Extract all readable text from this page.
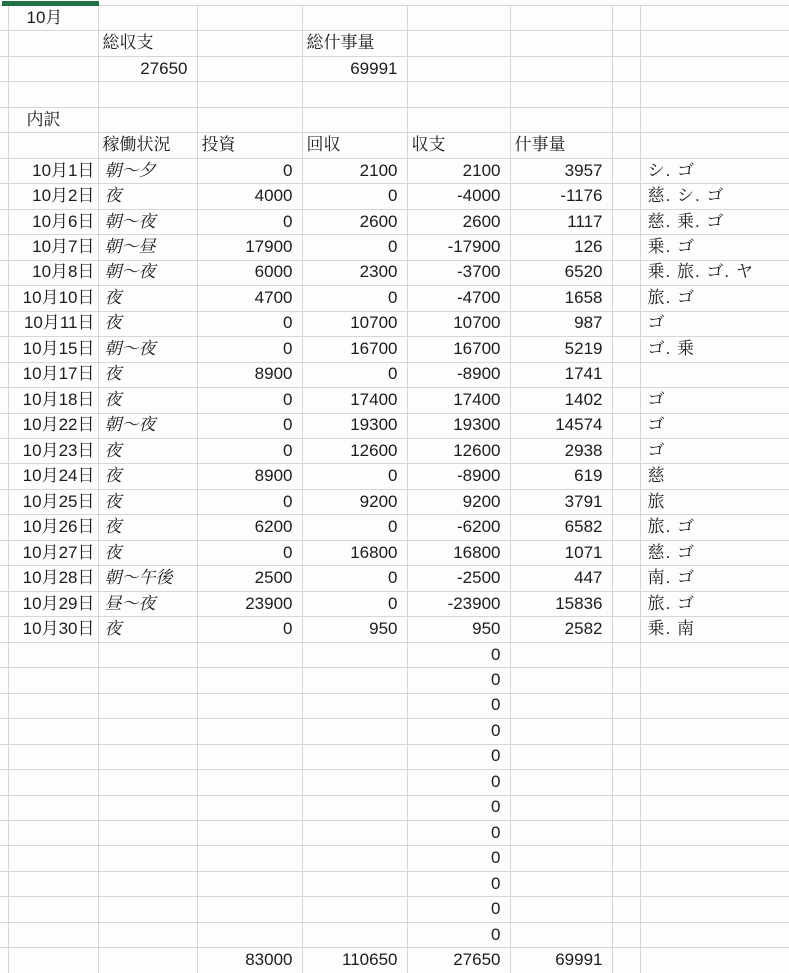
	10月							
		総収支		総什事量				
		27650		69991				

	内訳							
		稼働状況	投資	回収	収支	什事量		
	10月1日	朝～夕	0	2100	2100	3957		シ. ゴ
	10月2日	夜	4000	0	-4000	-1176		慈. シ. ゴ
	10月6日	朝～夜	0	2600	2600	1117		慈. 乗. ゴ
	10月7日	朝～昼	17900	0	-17900	126		乗. ゴ
	10月8日	朝～夜	6000	2300	-3700	6520		乗. 旅. ゴ. ヤ
	10月10日	夜	4700	0	-4700	1658		旅. ゴ
	10月11日	夜	0	10700	10700	987		ゴ
	10月15日	朝～夜	0	16700	16700	5219		ゴ. 乗
	10月17日	夜	8900	0	-8900	1741		
	10月18日	夜	0	17400	17400	1402		ゴ
	10月22日	朝～夜	0	19300	19300	14574		ゴ
	10月23日	夜	0	12600	12600	2938		ゴ
	10月24日	夜	8900	0	-8900	619		慈
	10月25日	夜	0	9200	9200	3791		旅
	10月26日	夜	6200	0	-6200	6582		旅. ゴ
	10月27日	夜	0	16800	16800	1071		慈. ゴ
	10月28日	朝～午後	2500	0	-2500	447		南. ゴ
	10月29日	昼～夜	23900	0	-23900	15836		旅. ゴ
	10月30日	夜	0	950	950	2582		乗. 南
					0			
					0			
					0			
					0			
					0			
					0			
					0			
					0			
					0			
					0			
					0			
					0			
			83000	110650	27650	69991		
